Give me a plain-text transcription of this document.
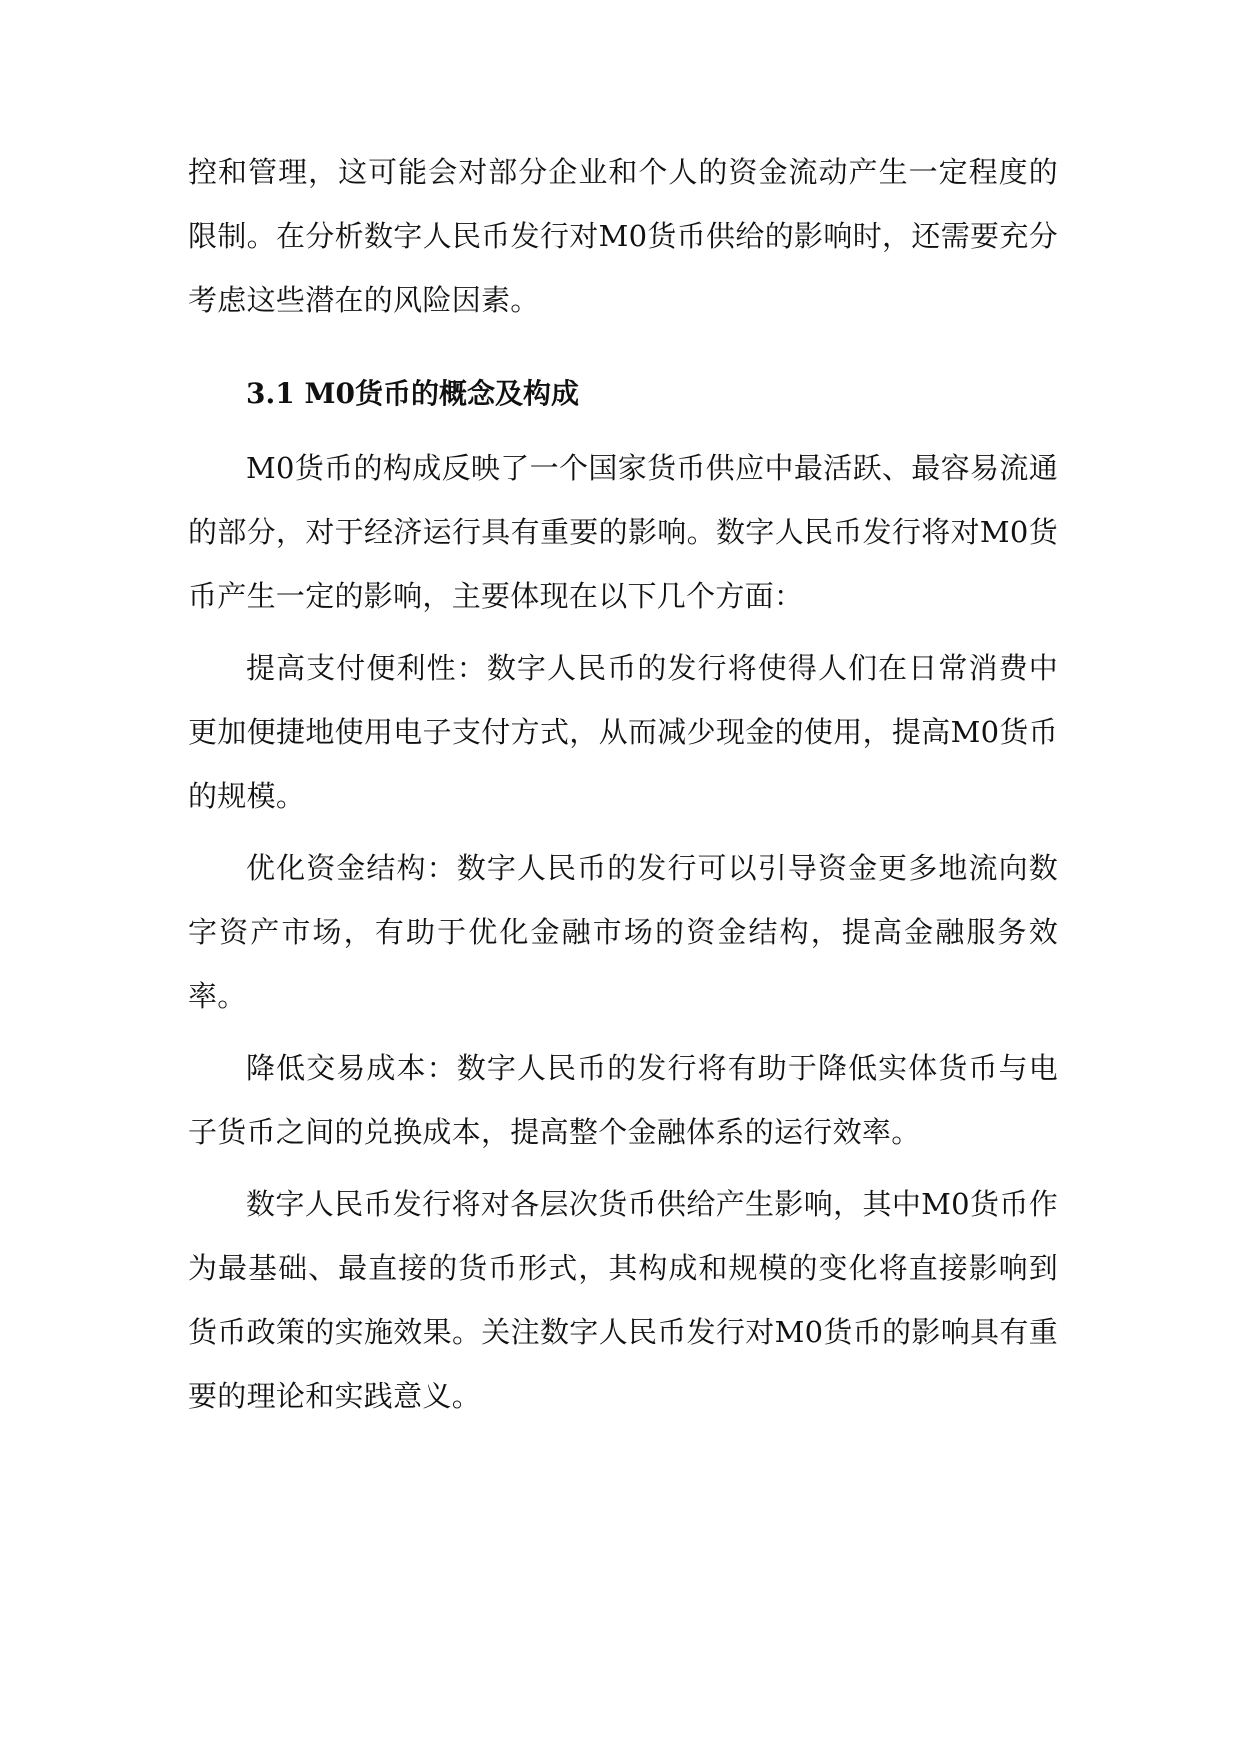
控和管理，这可能会对部分企业和个人的资金流动产生一定程度的限制。在分析数字人民币发行对M0货币供给的影响时，还需要充分考虑这些潜在的风险因素。

3.1 M0货币的概念及构成

M0货币的构成反映了一个国家货币供应中最活跃、最容易流通的部分，对于经济运行具有重要的影响。数字人民币发行将对M0货币产生一定的影响，主要体现在以下几个方面：

提高支付便利性：数字人民币的发行将使得人们在日常消费中更加便捷地使用电子支付方式，从而减少现金的使用，提高M0货币的规模。

优化资金结构：数字人民币的发行可以引导资金更多地流向数字资产市场，有助于优化金融市场的资金结构，提高金融服务效率。

降低交易成本：数字人民币的发行将有助于降低实体货币与电子货币之间的兑换成本，提高整个金融体系的运行效率。

数字人民币发行将对各层次货币供给产生影响，其中M0货币作为最基础、最直接的货币形式，其构成和规模的变化将直接影响到货币政策的实施效果。关注数字人民币发行对M0货币的影响具有重要的理论和实践意义。
